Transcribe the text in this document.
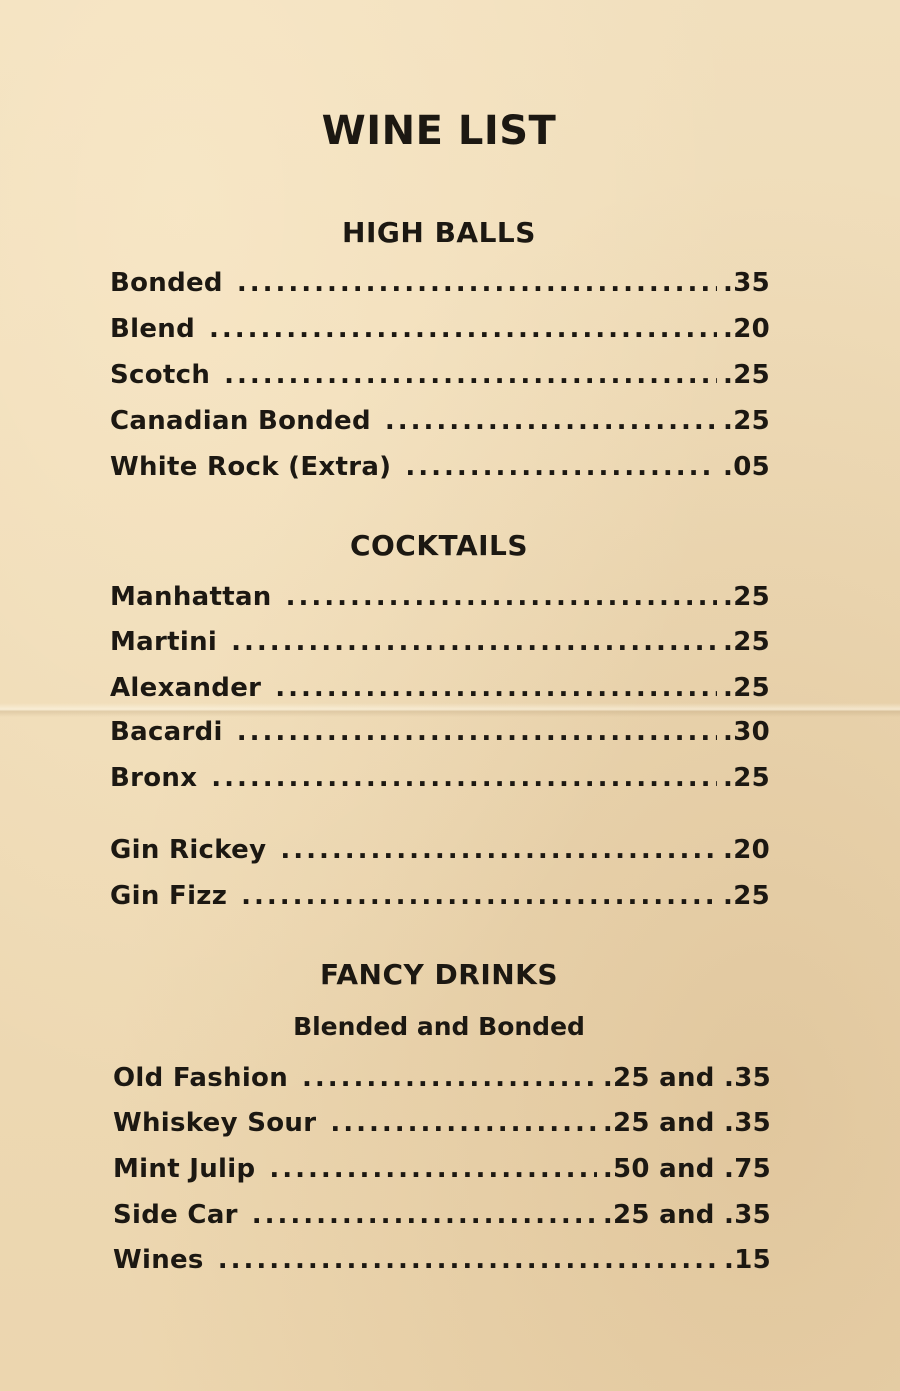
WINE LIST
HIGH BALLS
Bonded .....	.35
Blend .....	.20
Scotch .....	.25
Canadian Bonded .....	.25
White Rock (Extra) .....	.05
COCKTAILS
Manhattan .....	.25
Martini .....	.25
Alexander .....	.25
Bacardi .....	.30
Bronx .....	.25
Gin Rickey .....	.20
Gin Fizz .....	.25
FANCY DRINKS
Blended and Bonded
Old Fashion .....	.25 and .35
Whiskey Sour .....	.25 and .35
Mint Julip .....	.50 and .75
Side Car .....	.25 and .35
Wines .....	.15
